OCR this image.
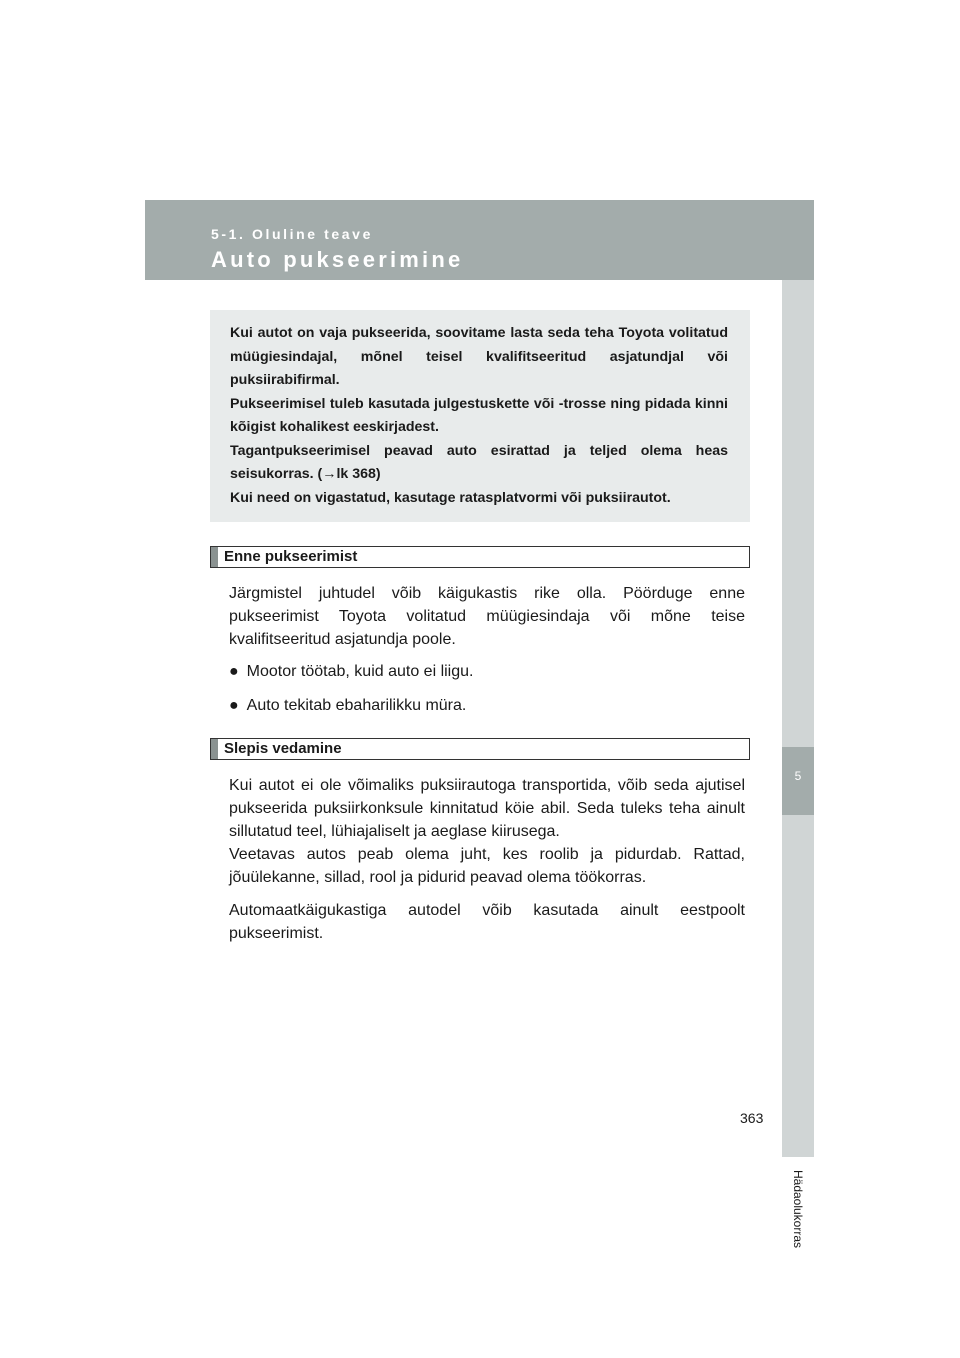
5-1. Oluline teave
Auto pukseerimine
5
Hädaolukorras

Kui autot on vaja pukseerida, soovitame lasta seda teha Toyota volitatud müügiesindajal, mõnel teisel kvalifitseeritud asjatundjal või puksiirabifirmal.

Pukseerimisel tuleb kasutada julgestuskette või -trosse ning pidada kinni kõigist kohalikest eeskirjadest.

Tagantpukseerimisel peavad auto esirattad ja teljed olema heas seisukorras. (→lk 368)

Kui need on vigastatud, kasutage ratasplatvormi või puksiirautot.

Enne pukseerimist

Järgmistel juhtudel võib käigukastis rike olla. Pöörduge enne pukseerimist Toyota volitatud müügiesindaja või mõne teise kvalifitseeritud asjatundja poole.

● Mootor töötab, kuid auto ei liigu.
● Auto tekitab ebaharilikku müra.
Slepis vedamine

Kui autot ei ole võimaliks puksiirautoga transportida, võib seda ajutisel pukseerida puksiirkonksule kinnitatud köie abil. Seda tuleks teha ainult sillutatud teel, lühiajaliselt ja aeglase kiirusega.

Veetavas autos peab olema juht, kes roolib ja pidurdab. Rattad, jõuülekanne, sillad, rool ja pidurid peavad olema töökorras.

Automaatkäigukastiga autodel võib kasutada ainult eestpoolt pukseerimist.

363
